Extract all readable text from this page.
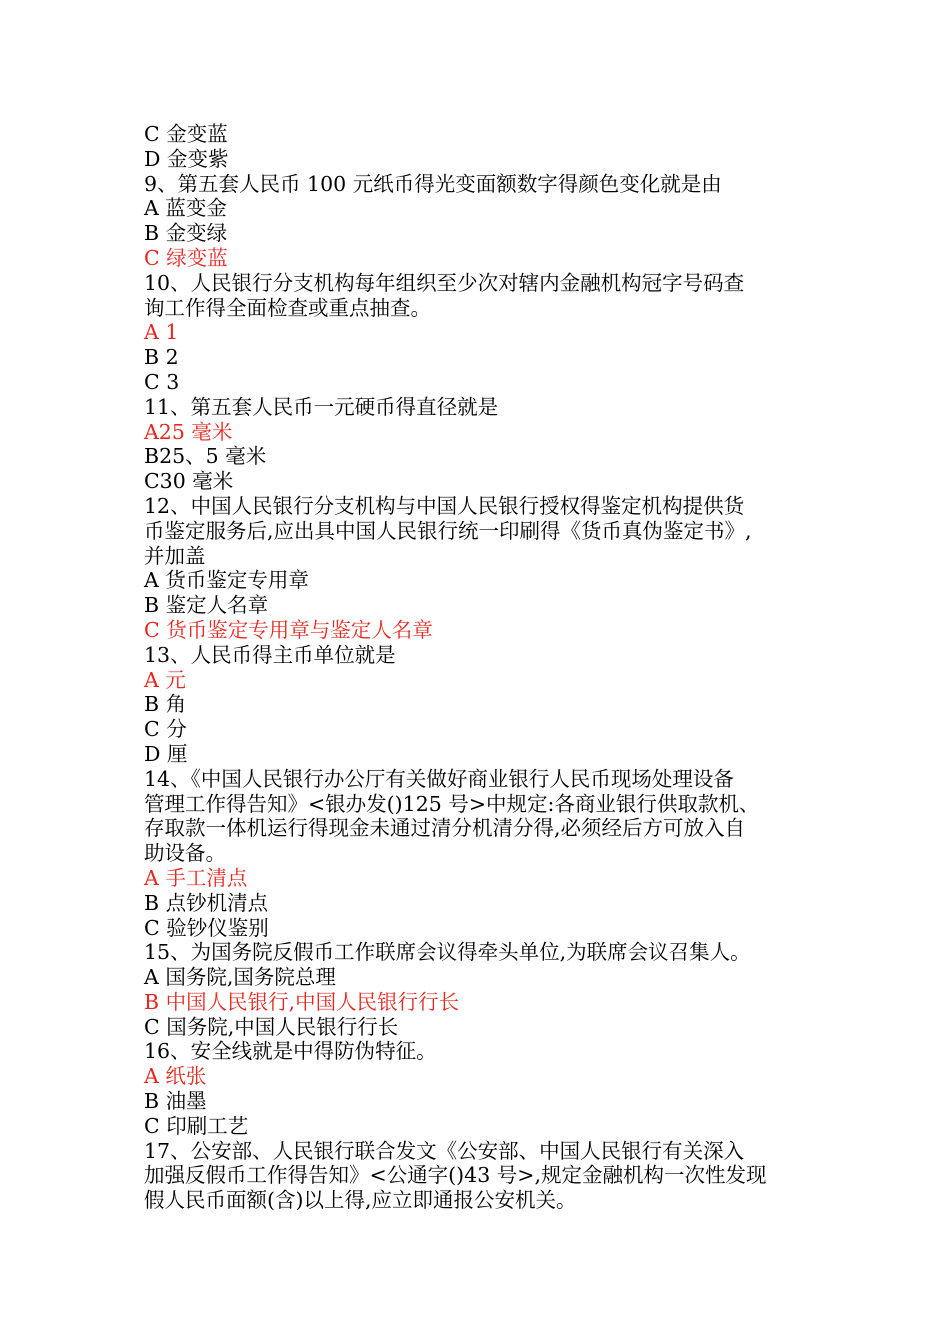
C 金变蓝
D 金变紫
9、第五套人民币 100 元纸币得光变面额数字得颜色变化就是由
A 蓝变金
B 金变绿
C 绿变蓝
10、人民银行分支机构每年组织至少次对辖内金融机构冠字号码查
询工作得全面检查或重点抽查。
A 1
B 2
C 3
11、第五套人民币一元硬币得直径就是
A25 毫米
B25、5 毫米
C30 毫米
12、中国人民银行分支机构与中国人民银行授权得鉴定机构提供货
币鉴定服务后,应出具中国人民银行统一印刷得《货币真伪鉴定书》,
并加盖
A 货币鉴定专用章
B 鉴定人名章
C 货币鉴定专用章与鉴定人名章
13、人民币得主币单位就是
A 元
B 角
C 分
D 厘
14、《中国人民银行办公厅有关做好商业银行人民币现场处理设备
管理工作得告知》<银办发()125 号>中规定:各商业银行供取款机、
存取款一体机运行得现金未通过清分机清分得,必须经后方可放入自
助设备。
A 手工清点
B 点钞机清点
C 验钞仪鉴别
15、为国务院反假币工作联席会议得牵头单位,为联席会议召集人。
A 国务院,国务院总理
B 中国人民银行,中国人民银行行长
C 国务院,中国人民银行行长
16、安全线就是中得防伪特征。
A 纸张
B 油墨
C 印刷工艺
17、公安部、人民银行联合发文《公安部、中国人民银行有关深入
加强反假币工作得告知》<公通字()43 号>,规定金融机构一次性发现
假人民币面额(含)以上得,应立即通报公安机关。
